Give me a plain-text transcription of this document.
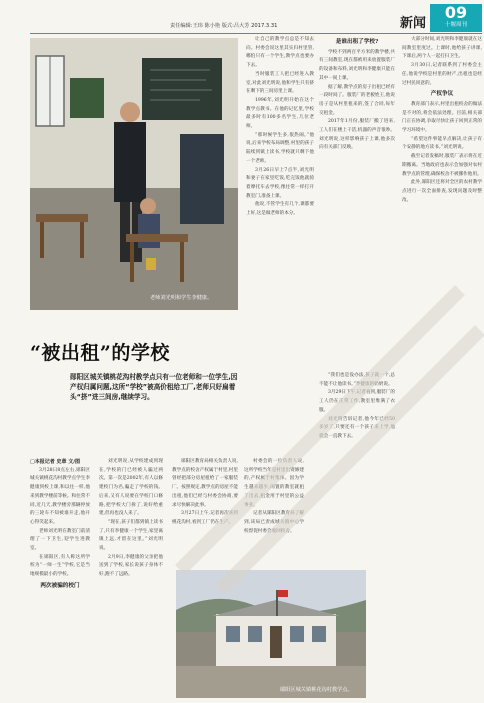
责任编辑:王玮 陈小艳 版式:吕大芳 2017.3.31	新闻
09
十堰周刊
老师刘光明和学生李健康。
“被出租”的学校
郧阳区城关镇桃花沟村教学点只有一位老师和一位学生,因产权归属问题,这所“学校”被高价租给工厂,老师只好扁着头“挤”进三间房,继续学习。

□本报记者 史章 文/图

3月28日8点左右,郧阳区城关镇桃花沟村教学点学生李健康到校上课,和以往一样,他来到教学楼前等候。和往常不同,近几天,教学楼旁那辆停放的三轮车不知被谁开走,他开心得笑起来。

老师刘光明在教室门前清理了一下卫生,迎学生进教室。

在郧阳区,有人称这所学校为“一师一生”学校,它是当地规模最小的学校。

两次被骗的校门

刘光明说,从学校建成到现在,学校的门已经被人骗过两次。第一次是2002年,有人以修建校门为名,骗走了学校的钱。后来,又有人说要在学校门口修路,把学校大门拆了,说好给重建,但再也没人来了。

“现在,孩子们都到镇上读书了,只有李健康一个学生,家里离镇上远,才留在这里。”刘光明说。

2月9日,李健康的父亲把他送到了学校,家长说孩子身体不好,跑不了远路。

郧阳区教育局相关负责人说,教学点的校舍产权属于村里,村里曾经把部分房屋租给了一家服装厂。按照规定,教学点的房屋不能出租,他们已经与村委会协商,要求尽快解决此事。

3月27日上午,记者再次来到桃花沟村,看到工厂仍在生产。

村委会的一位负责人说,这所学校当年是村里出资修建的,产权属于村集体。因为学生越来越少,闲置的教室就租了出去,租金用于村里的公益事业。

记者从郧阳区教育局了解到,该局已责成城关镇中心学校督促村委会收回校舍。

让自己的教学点总是不知去向。村委会说这里其实归村里管,哪怕只有一个学生,教学点也要办下去。

当时服装工人把已经进入教室,对此刘光明说,他和学生只有挤在剩下的三间房里上课。

1996年,刘光明开始在这个教学点教书。在他的记忆里,学校最多时有100多名学生,几位老师。

“那时候学生多,很热闹。”他说,后来学校布局调整,村里的孩子陆续到镇上读书,学校就只剩下他一个老师。

3月26日早上7点半,刘光明和妻子在家里吃饭,吃完饭他就骑着摩托车去学校,像往常一样打开教室门,准备上课。

他说,不管学生有几个,课都要上好,这是做老师的本分。

是谁出租了学校?

学校不到两百平方米的教学楼,共有三间教室,现在都被用来放置服装厂的设备和布料,刘光明和李健康只能在其中一间上课。

据了解,教学点的房子出租已经有一段时间了。服装厂的老板姓王,他说房子是从村里租来的,签了合同,每年交租金。

2017年1月份,服装厂搬了进来,工人们在楼上干活,机器的声音很吵。刘光明说,这样影响孩子上课,他多次向有关部门反映。

“我们也是没办法,孩子就一个,总不能不让他读书。”李健康的奶奶说。

3月29日下午,记者看到,服装厂的工人仍在正常工作,教室里堆满了衣服。

刘光明告诉记者,他今年已经50多岁了,只要还有一个孩子来上学,他就会一直教下去。

大部分时间,刘光明和李健康就在这间教室里度过。上课时,他给孩子讲课,下课后,两个人一起打扫卫生。

3月30日,记者联系到了村委会主任,他说学校是村里的财产,出租也是经过村民同意的。

产权争议

教育部门表示,村里出租校舍的做法是不对的,将会依法处理。目前,相关部门正在协调,争取尽快让孩子回到正常的学习环境中。

“希望这件事能早点解决,让孩子有个安静的地方读书。”刘光明说。

截至记者发稿时,服装厂表示将在近期搬离。当地政府也表示会加强对农村教学点的管理,确保校舍不被挪作他用。

此外,郧阳区还将对全区的农村教学点进行一次全面排查,发现问题及时整改。

郧阳区城关镇桃花沟村教学点。
